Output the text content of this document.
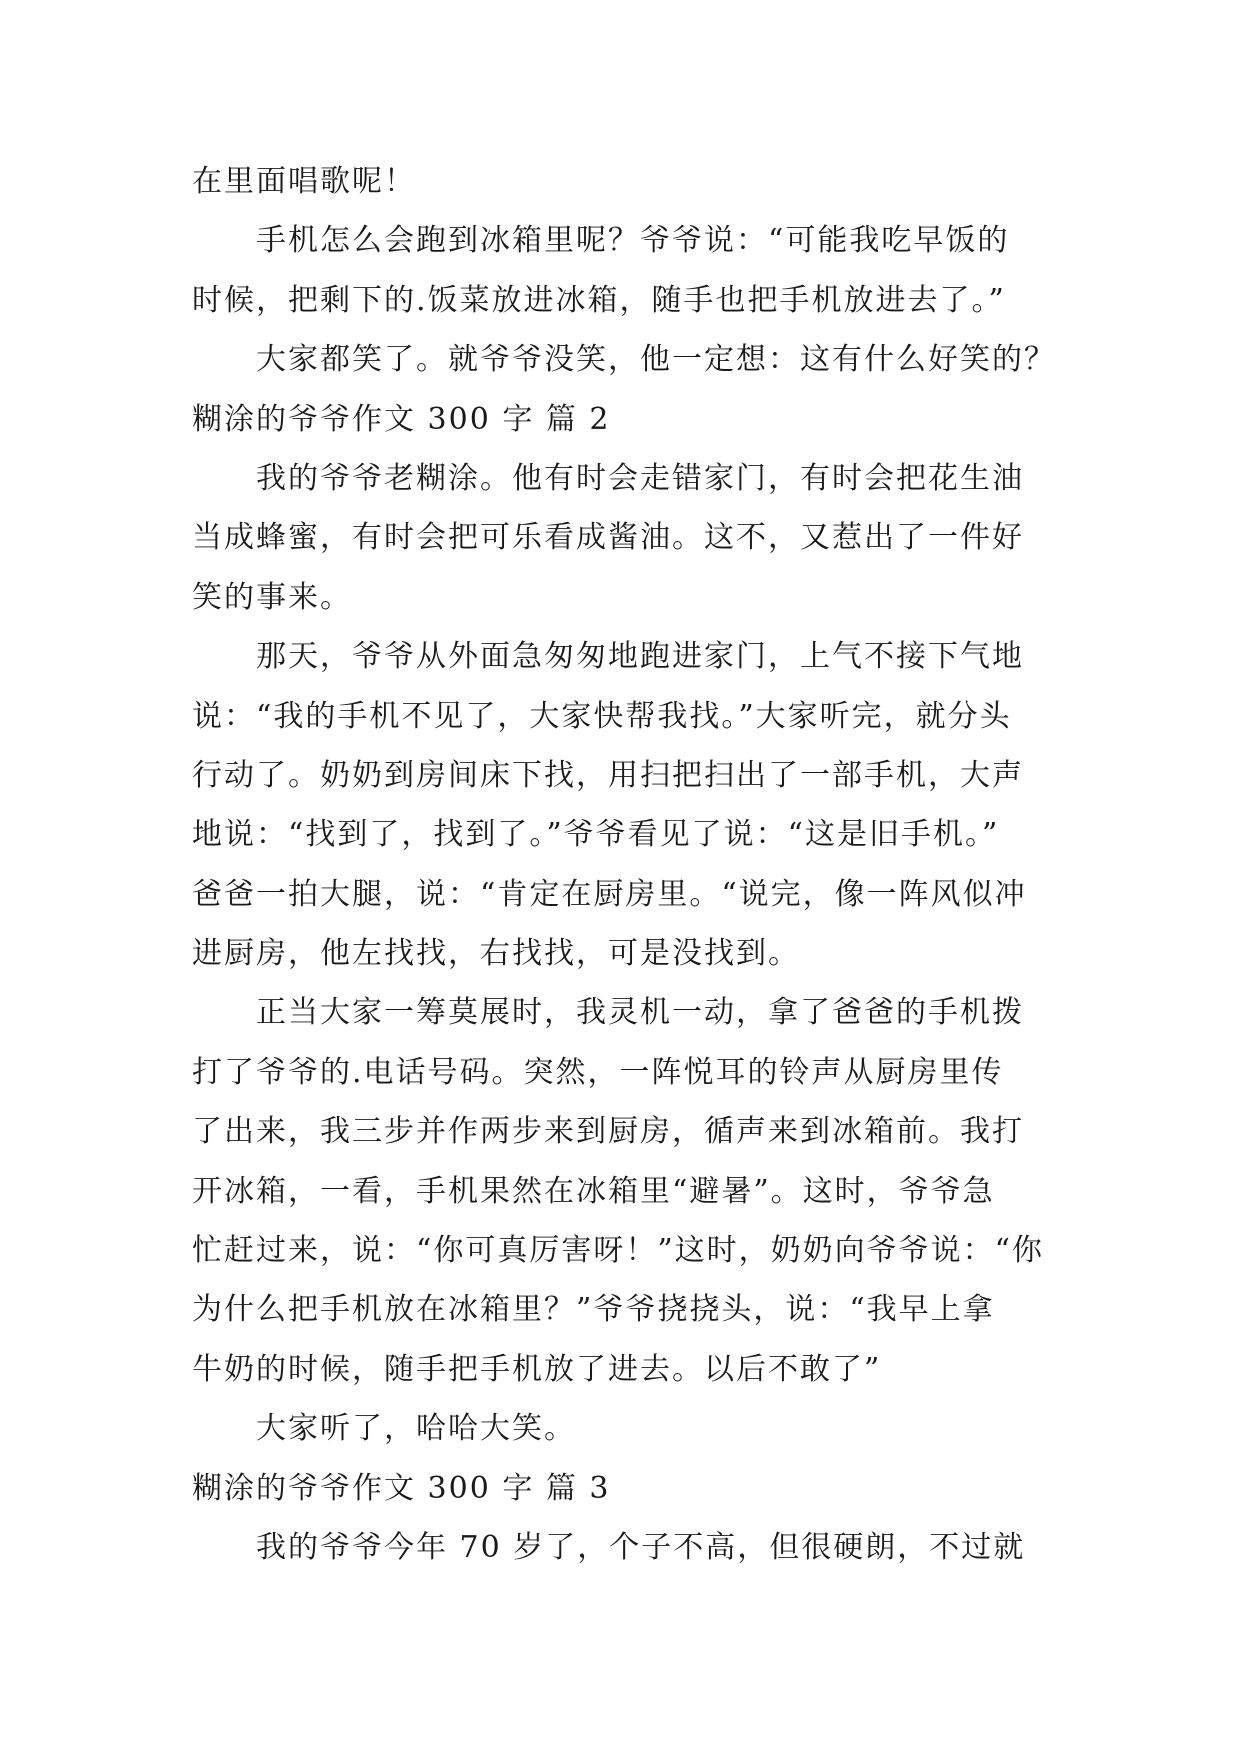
在里面唱歌呢！
手机怎么会跑到冰箱里呢？爷爷说：“可能我吃早饭的
时候，把剩下的.饭菜放进冰箱，随手也把手机放进去了。”
大家都笑了。就爷爷没笑，他一定想：这有什么好笑的？
糊涂的爷爷作文 300 字 篇 2
我的爷爷老糊涂。他有时会走错家门，有时会把花生油
当成蜂蜜，有时会把可乐看成酱油。这不，又惹出了一件好
笑的事来。
那天，爷爷从外面急匆匆地跑进家门，上气不接下气地
说：“我的手机不见了，大家快帮我找。”大家听完，就分头
行动了。奶奶到房间床下找，用扫把扫出了一部手机，大声
地说：“找到了，找到了。”爷爷看见了说：“这是旧手机。”
爸爸一拍大腿，说：“肯定在厨房里。“说完，像一阵风似冲
进厨房，他左找找，右找找，可是没找到。
正当大家一筹莫展时，我灵机一动，拿了爸爸的手机拨
打了爷爷的.电话号码。突然，一阵悦耳的铃声从厨房里传
了出来，我三步并作两步来到厨房，循声来到冰箱前。我打
开冰箱，一看，手机果然在冰箱里“避暑”。这时，爷爷急
忙赶过来，说：“你可真厉害呀！”这时，奶奶向爷爷说：“你
为什么把手机放在冰箱里？”爷爷挠挠头，说：“我早上拿
牛奶的时候，随手把手机放了进去。以后不敢了”
大家听了，哈哈大笑。
糊涂的爷爷作文 300 字 篇 3
我的爷爷今年 70 岁了，个子不高，但很硬朗，不过就
